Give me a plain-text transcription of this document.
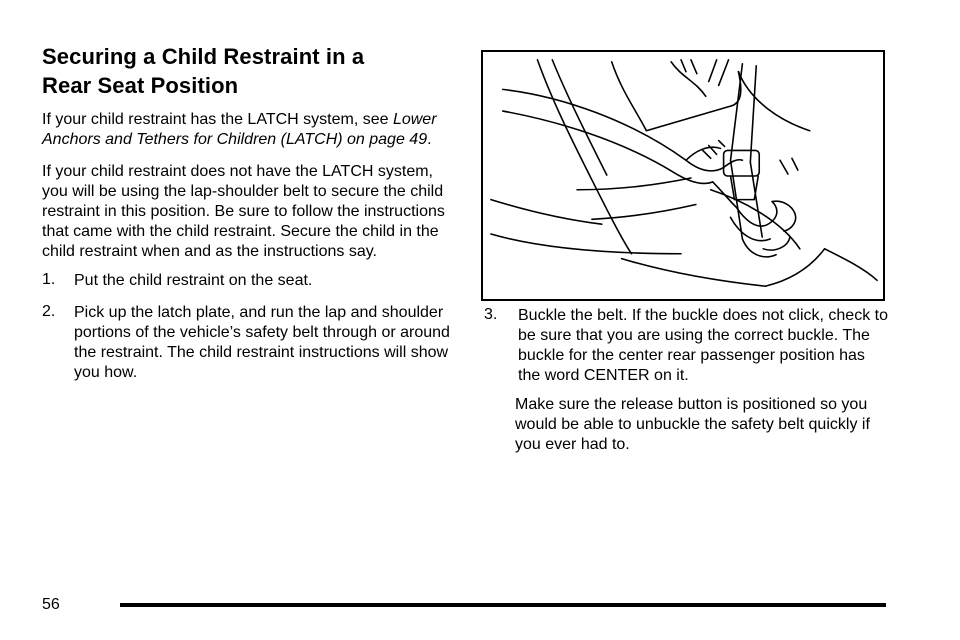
Securing a Child Restraint in a
Rear Seat Position

If your child restraint has the LATCH system, see Lower Anchors and Tethers for Children (LATCH) on page 49.

If your child restraint does not have the LATCH system, you will be using the lap-shoulder belt to secure the child restraint in this position. Be sure to follow the instructions that came with the child restraint. Secure the child in the child restraint when and as the instructions say.

1.	Put the child restraint on the seat.

2.	Pick up the latch plate, and run the lap and shoulder portions of the vehicle’s safety belt through or around the restraint. The child restraint instructions will show you how.

3.	Buckle the belt. If the buckle does not click, check to be sure that you are using the correct buckle. The buckle for the center rear passenger position has the word CENTER on it.

Make sure the release button is positioned so you would be able to unbuckle the safety belt quickly if you ever had to.

56
